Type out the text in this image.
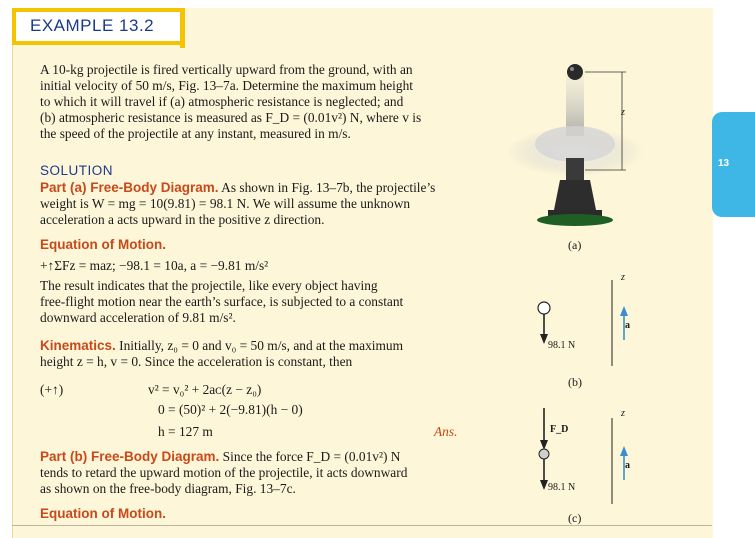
EXAMPLE 13.2
A 10-kg projectile is fired vertically upward from the ground, with an
initial velocity of 50 m/s, Fig. 13–7a. Determine the maximum height
to which it will travel if (a) atmospheric resistance is neglected; and
(b) atmospheric resistance is measured as F_D = (0.01v²) N, where v is
the speed of the projectile at any instant, measured in m/s.
SOLUTION
Part (a) Free-Body Diagram. As shown in Fig. 13–7b, the projectile’s
weight is W = mg = 10(9.81) = 98.1 N. We will assume the unknown
acceleration a acts upward in the positive z direction.
Equation of Motion.
+↑ΣFz = maz; −98.1 = 10a, a = −9.81 m/s²
The result indicates that the projectile, like every object having
free-flight motion near the earth’s surface, is subjected to a constant
downward acceleration of 9.81 m/s².
Kinematics. Initially, z₀ = 0 and v₀ = 50 m/s, and at the maximum
height z = h, v = 0. Since the acceleration is constant, then
(+↑)	v² = v₀² + 2aᴄ(z − z₀)
0 = (50)² + 2(−9.81)(h − 0)
h = 127 m	Ans.
Part (b) Free-Body Diagram. Since the force F_D = (0.01v²) N
tends to retard the upward motion of the projectile, it acts downward
as shown on the free-body diagram, Fig. 13–7c.
Equation of Motion.
z
(a)
z
a
98.1 N
(b)
F_D
z
a
98.1 N
(c)
13
